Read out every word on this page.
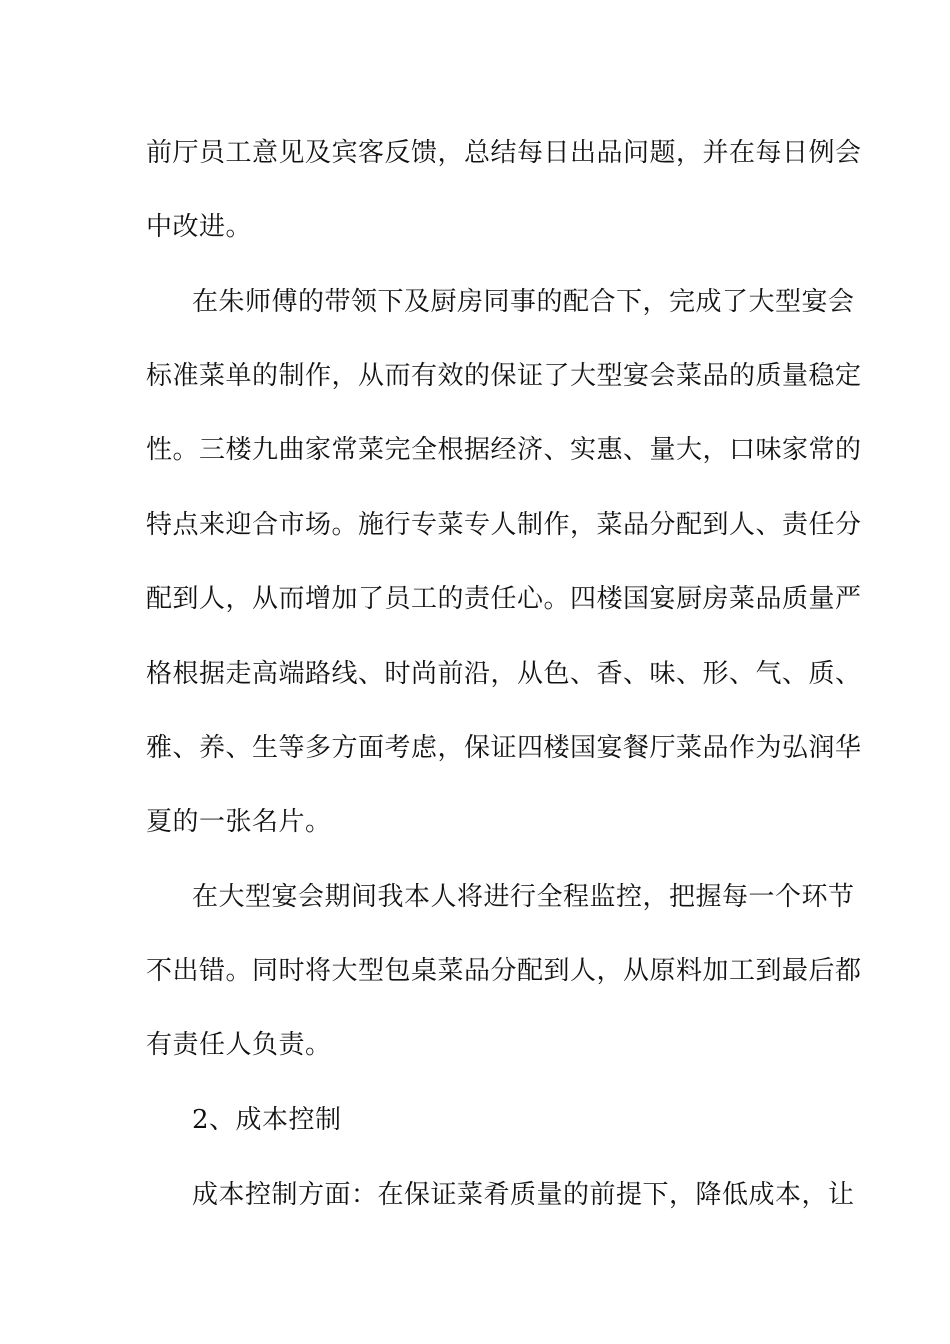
前厅员工意见及宾客反馈，总结每日出品问题，并在每日例会
中改进。
在朱师傅的带领下及厨房同事的配合下，完成了大型宴会
标准菜单的制作，从而有效的保证了大型宴会菜品的质量稳定
性。三楼九曲家常菜完全根据经济、实惠、量大，口味家常的
特点来迎合市场。施行专菜专人制作，菜品分配到人、责任分
配到人，从而增加了员工的责任心。四楼国宴厨房菜品质量严
格根据走高端路线、时尚前沿，从色、香、味、形、气、质、
雅、养、生等多方面考虑，保证四楼国宴餐厅菜品作为弘润华
夏的一张名片。
在大型宴会期间我本人将进行全程监控，把握每一个环节
不出错。同时将大型包桌菜品分配到人，从原料加工到最后都
有责任人负责。
2、成本控制
成本控制方面：在保证菜肴质量的前提下，降低成本，让
